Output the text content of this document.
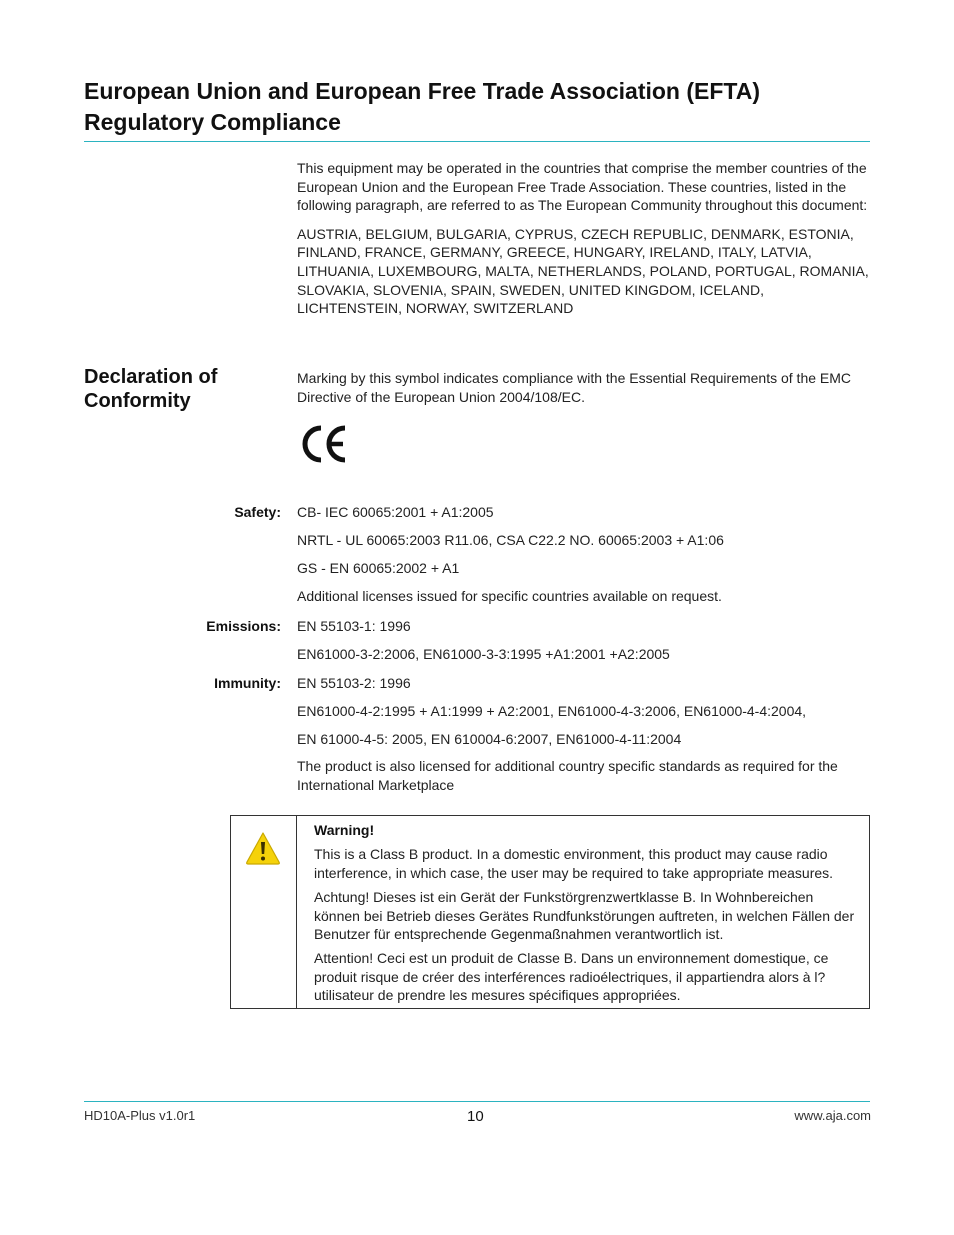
European Union and European Free Trade Association (EFTA)
Regulatory Compliance

This equipment may be operated in the countries that comprise the member countries of the European Union and the European Free Trade Association. These countries, listed in the following paragraph, are referred to as The European Community throughout this document:

AUSTRIA, BELGIUM, BULGARIA, CYPRUS, CZECH REPUBLIC, DENMARK, ESTONIA, FINLAND, FRANCE, GERMANY, GREECE, HUNGARY, IRELAND, ITALY, LATVIA, LITHUANIA, LUXEMBOURG, MALTA, NETHERLANDS, POLAND, PORTUGAL, ROMANIA, SLOVAKIA, SLOVENIA, SPAIN, SWEDEN, UNITED KINGDOM, ICELAND, LICHTENSTEIN, NORWAY, SWITZERLAND

Declaration of Conformity

Marking by this symbol indicates compliance with the Essential Requirements of the EMC Directive of the European Union 2004/108/EC.

Safety: CB- IEC 60065:2001 + A1:2005
NRTL - UL 60065:2003 R11.06, CSA C22.2 NO. 60065:2003 + A1:06
GS - EN 60065:2002 + A1
Additional licenses issued for specific countries available on request.
Emissions: EN 55103-1: 1996
EN61000-3-2:2006, EN61000-3-3:1995 +A1:2001 +A2:2005
Immunity: EN 55103-2: 1996
EN61000-4-2:1995 + A1:1999 + A2:2001, EN61000-4-3:2006, EN61000-4-4:2004,
EN 61000-4-5: 2005, EN 610004-6:2007, EN61000-4-11:2004
The product is also licensed for additional country specific standards as required for the International Marketplace

Warning!

This is a Class B product. In a domestic environment, this product may cause radio interference, in which case, the user may be required to take appropriate measures.

Achtung! Dieses ist ein Gerät der Funkstörgrenzwertklasse B. In Wohnbereichen können bei Betrieb dieses Gerätes Rundfunkstörungen auftreten, in welchen Fällen der Benutzer für entsprechende Gegenmaßnahmen verantwortlich ist.

Attention! Ceci est un produit de Classe B. Dans un environnement domestique, ce produit risque de créer des interférences radioélectriques, il appartiendra alors à l?utilisateur de prendre les mesures spécifiques appropriées.

HD10A-Plus v1.0r1	10	www.aja.com
